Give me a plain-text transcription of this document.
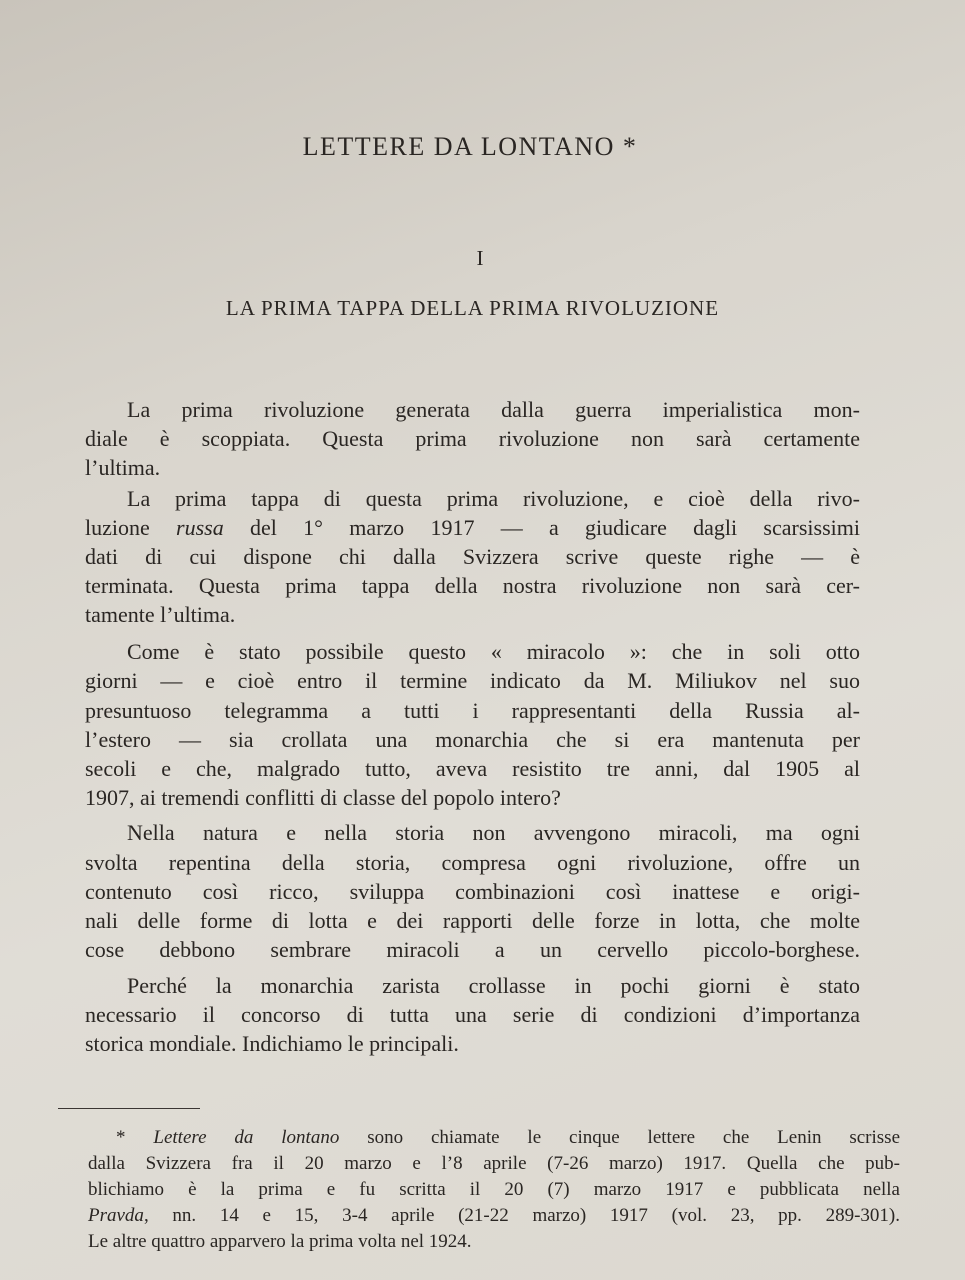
LETTERE DA LONTANO *
I
LA PRIMA TAPPA DELLA PRIMA RIVOLUZIONE
La prima rivoluzione generata dalla guerra imperialistica mon-
diale è scoppiata. Questa prima rivoluzione non sarà certamente
l’ultima.
La prima tappa di questa prima rivoluzione, e cioè della rivo-
luzione russa del 1° marzo 1917 — a giudicare dagli scarsissimi
dati di cui dispone chi dalla Svizzera scrive queste righe — è
terminata. Questa prima tappa della nostra rivoluzione non sarà cer-
tamente l’ultima.
Come è stato possibile questo « miracolo »: che in soli otto
giorni — e cioè entro il termine indicato da M. Miliukov nel suo
presuntuoso telegramma a tutti i rappresentanti della Russia al-
l’estero — sia crollata una monarchia che si era mantenuta per
secoli e che, malgrado tutto, aveva resistito tre anni, dal 1905 al
1907, ai tremendi conflitti di classe del popolo intero?
Nella natura e nella storia non avvengono miracoli, ma ogni
svolta repentina della storia, compresa ogni rivoluzione, offre un
contenuto così ricco, sviluppa combinazioni così inattese e origi-
nali delle forme di lotta e dei rapporti delle forze in lotta, che molte
cose debbono sembrare miracoli a un cervello piccolo-borghese.
Perché la monarchia zarista crollasse in pochi giorni è stato
necessario il concorso di tutta una serie di condizioni d’importanza
storica mondiale. Indichiamo le principali.
* Lettere da lontano sono chiamate le cinque lettere che Lenin scrisse
dalla Svizzera fra il 20 marzo e l’8 aprile (7-26 marzo) 1917. Quella che pub-
blichiamo è la prima e fu scritta il 20 (7) marzo 1917 e pubblicata nella
Pravda, nn. 14 e 15, 3-4 aprile (21-22 marzo) 1917 (vol. 23, pp. 289-301).
Le altre quattro apparvero la prima volta nel 1924.
